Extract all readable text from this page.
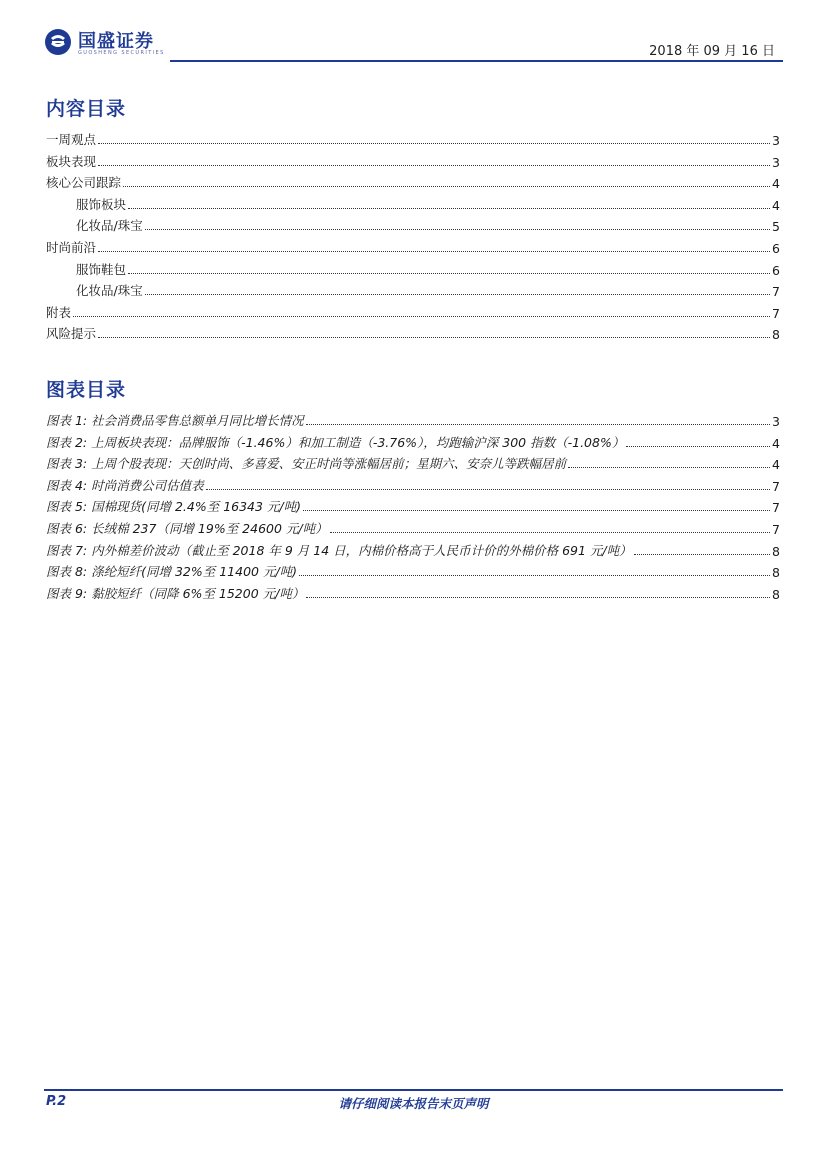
国盛证券
GUOSHENG SECURITIES	2018 年 09 月 16 日
内容目录
一周观点	3
板块表现	3
核心公司跟踪	4
服饰板块	4
化妆品/珠宝	5
时尚前沿	6
服饰鞋包	6
化妆品/珠宝	7
附表	7
风险提示	8
图表目录
图表 1: 社会消费品零售总额单月同比增长情况	3
图表 2: 上周板块表现：品牌服饰（-1.46%）和加工制造（-3.76%），均跑输沪深 300 指数（-1.08%）	4
图表 3: 上周个股表现：天创时尚、多喜爱、安正时尚等涨幅居前；星期六、安奈儿等跌幅居前	4
图表 4: 时尚消费公司估值表	7
图表 5: 国棉现货(同增 2.4%至 16343 元/吨)	7
图表 6: 长绒棉 237（同增 19%至 24600 元/吨）	7
图表 7: 内外棉差价波动（截止至 2018 年 9 月 14 日，内棉价格高于人民币计价的外棉价格 691 元/吨）	8
图表 8: 涤纶短纤(同增 32%至 11400 元/吨)	8
图表 9: 黏胶短纤（同降 6%至 15200 元/吨）	8
P.2	请仔细阅读本报告末页声明
